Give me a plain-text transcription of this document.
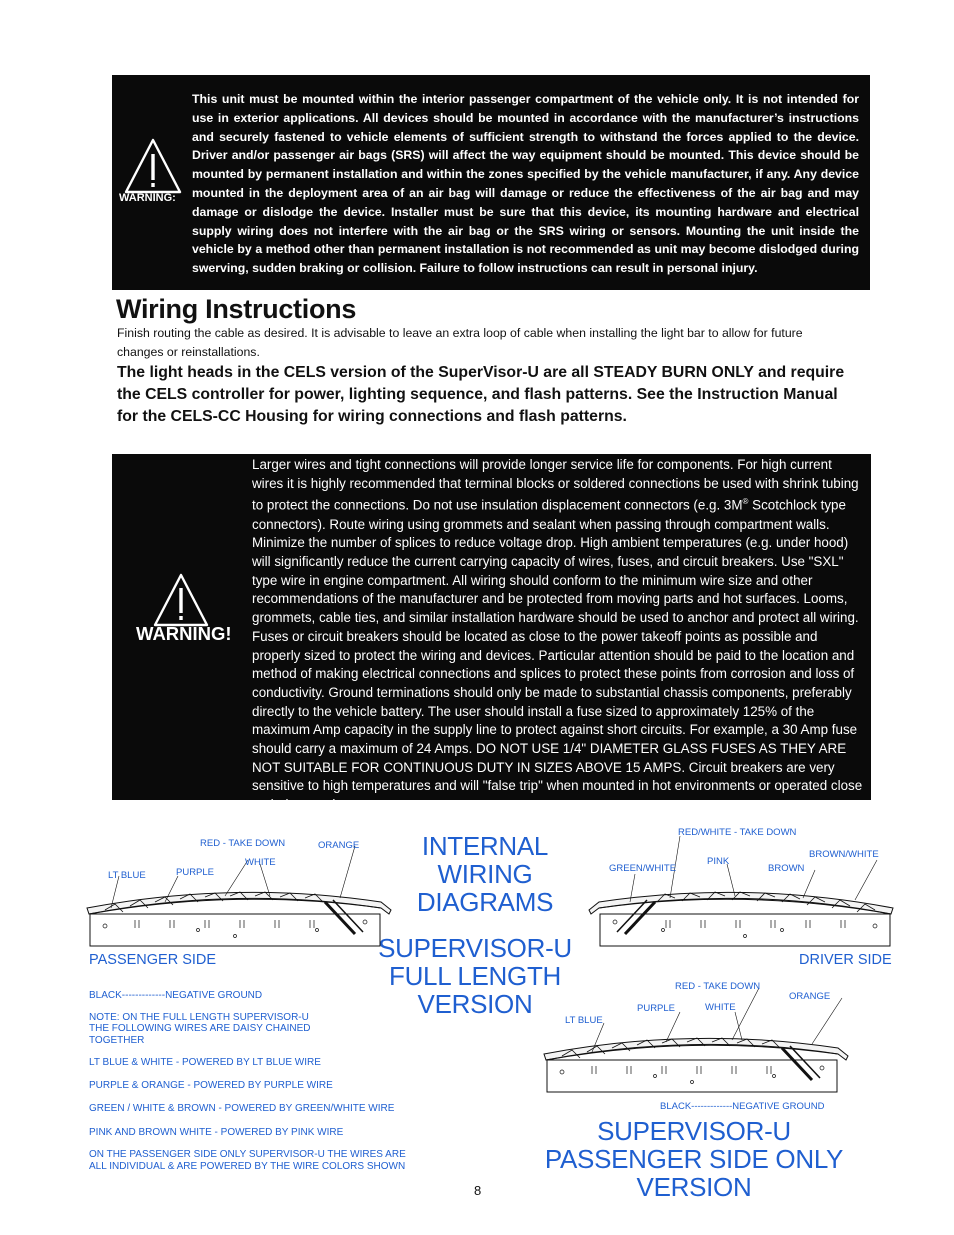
WARNING:
This unit must be mounted within the interior passenger compartment of the vehicle only. It is not intended for use in exterior applications. All devices should be mounted in accordance with the manufacturer’s instructions and securely fastened to vehicle elements of sufficient strength to withstand the forces applied to the device. Driver and/or passenger air bags (SRS) will affect the way equipment should be mounted. This device should be mounted by permanent installation and within the zones specified by the vehicle manufacturer, if any. Any device mounted in the deployment area of an air bag will damage or reduce the effectiveness of the air bag and may damage or dislodge the device. Installer must be sure that this device, its mounting hardware and electrical supply wiring does not interfere with the air bag or the SRS wiring or sensors. Mounting the unit inside the vehicle by a method other than permanent installation is not recommended as unit may become dislodged during swerving, sudden braking or collision. Failure to follow instructions can result in personal injury.
Wiring Instructions
Finish routing the cable as desired. It is advisable to leave an extra loop of cable when installing the light bar to allow for future changes or reinstallations.
The light heads in the CELS version of the SuperVisor-U are all STEADY BURN ONLY and require the CELS controller for power, lighting sequence, and flash patterns. See the Instruction Manual for the CELS-CC Housing for wiring connections and flash patterns.
WARNING!
Larger wires and tight connections will provide longer service life for components. For high current wires it is highly recommended that terminal blocks or soldered connections be used with shrink tubing to protect the connections. Do not use insulation displacement connectors (e.g. 3M® Scotchlock type connectors). Route wiring using grommets and sealant when passing through compartment walls. Minimize the number of splices to reduce voltage drop. High ambient temperatures (e.g. under hood) will significantly reduce the current carrying capacity of wires, fuses, and circuit breakers. Use "SXL" type wire in engine compartment. All wiring should conform to the minimum wire size and other recommendations of the manufacturer and be protected from moving parts and hot surfaces. Looms, grommets, cable ties, and similar installation hardware should be used to anchor and protect all wiring. Fuses or circuit breakers should be located as close to the power takeoff points as possible and properly sized to protect the wiring and devices. Particular attention should be paid to the location and method of making electrical connections and splices to protect these points from corrosion and loss of conductivity. Ground terminations should only be made to substantial chassis components, preferably directly to the vehicle battery. The user should install a fuse sized to approximately 125% of the maximum Amp capacity in the supply line to protect against short circuits. For example, a 30 Amp fuse should carry a maximum of 24 Amps. DO NOT USE 1/4" DIAMETER GLASS FUSES AS THEY ARE NOT SUITABLE FOR CONTINUOUS DUTY IN SIZES ABOVE 15 AMPS. Circuit breakers are very sensitive to high temperatures and will "false trip" when mounted in hot environments or operated close to their capacity.
INTERNAL
WIRING DIAGRAMS
SUPERVISOR-U
FULL LENGTH VERSION
SUPERVISOR-U
PASSENGER SIDE ONLY VERSION
PASSENGER SIDE	DRIVER SIDE
RED - TAKE DOWN	ORANGE
WHITE
PURPLE
LT BLUE
RED/WHITE - TAKE DOWN
BROWN/WHITE
GREEN/WHITE
PINK
BROWN
RED - TAKE DOWN
ORANGE
PURPLE	WHITE
LT BLUE
BLACK-------------NEGATIVE GROUND
BLACK-------------NEGATIVE GROUND
NOTE: ON THE FULL LENGTH SUPERVISOR-U
THE FOLLOWING WIRES ARE DAISY CHAINED
TOGETHER
LT BLUE & WHITE - POWERED BY LT BLUE WIRE
PURPLE & ORANGE - POWERED BY PURPLE WIRE
GREEN / WHITE & BROWN - POWERED BY GREEN/WHITE WIRE
PINK AND BROWN WHITE - POWERED BY PINK WIRE
ON THE PASSENGER SIDE ONLY SUPERVISOR-U THE WIRES ARE
ALL INDIVIDUAL & ARE POWERED BY THE WIRE COLORS SHOWN
8
